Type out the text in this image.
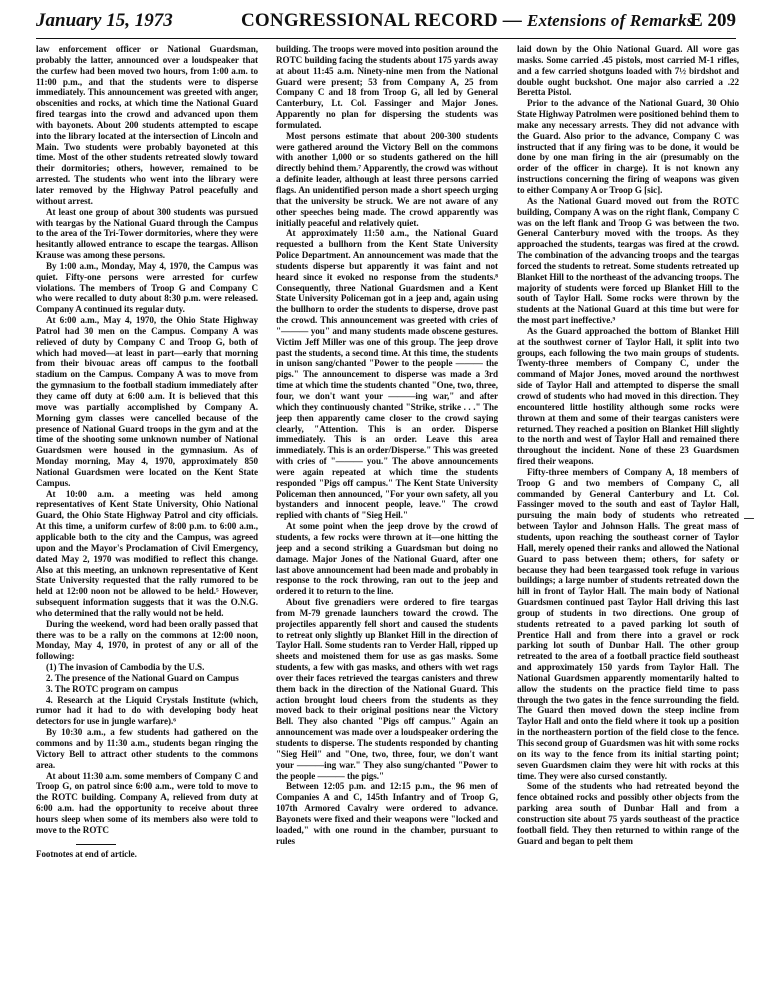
January 15, 1973	CONGRESSIONAL RECORD — Extensions of Remarks
E 209

law enforcement officer or National Guardsman, probably the latter, announced over a loudspeaker that the curfew had been moved two hours, from 1:00 a.m. to 11:00 p.m., and that the students were to disperse immediately. This announcement was greeted with anger, obscenities and rocks, at which time the National Guard fired teargas into the crowd and advanced upon them with bayonets. About 200 students attempted to escape into the library located at the intersection of Lincoln and Main. Two students were probably bayoneted at this time. Most of the other students retreated slowly toward their dormitories; others, however, remained to be arrested. The students who went into the library were later removed by the Highway Patrol peacefully and without arrest.

At least one group of about 300 students was pursued with teargas by the National Guard through the Campus to the area of the Tri-Tower dormitories, where they were hesitantly allowed entrance to escape the teargas. Allison Krause was among these persons.

By 1:00 a.m., Monday, May 4, 1970, the Campus was quiet. Fifty-one persons were arrested for curfew violations. The members of Troop G and Company C who were recalled to duty about 8:30 p.m. were released. Company A continued its regular duty.

At 6:00 a.m., May 4, 1970, the Ohio State Highway Patrol had 30 men on the Campus. Company A was relieved of duty by Company C and Troop G, both of which had moved—at least in part—early that morning from their bivouac areas off campus to the football stadium on the Campus. Company A was to move from the gymnasium to the football stadium immediately after they came off duty at 6:00 a.m. It is believed that this move was partially accomplished by Company A. Morning gym classes were cancelled because of the presence of National Guard troops in the gym and at the time of the shooting some unknown number of National Guardsmen were housed in the gymnasium. As of Monday morning, May 4, 1970, approximately 850 National Guardsmen were located on the Kent State Campus.

At 10:00 a.m. a meeting was held among representatives of Kent State University, Ohio National Guard, the Ohio State Highway Patrol and city officials. At this time, a uniform curfew of 8:00 p.m. to 6:00 a.m., applicable both to the city and the Campus, was agreed upon and the Mayor's Proclamation of Civil Emergency, dated May 2, 1970 was modified to reflect this change. Also at this meeting, an unknown representative of Kent State University requested that the rally rumored to be held at 12:00 noon not be allowed to be held.⁵ However, subsequent information suggests that it was the O.N.G. who determined that the rally would not be held.

During the weekend, word had been orally passed that there was to be a rally on the commons at 12:00 noon, Monday, May 4, 1970, in protest of any or all of the following:

(1) The invasion of Cambodia by the U.S.

2. The presence of the National Guard on Campus

3. The ROTC program on campus

4. Research at the Liquid Crystals Institute (which, rumor had it had to do with developing body heat detectors for use in jungle warfare).⁶

By 10:30 a.m., a few students had gathered on the commons and by 11:30 a.m., students began ringing the Victory Bell to attract other students to the commons area.

At about 11:30 a.m. some members of Company C and Troop G, on patrol since 6:00 a.m., were told to move to the ROTC building. Company A, relieved from duty at 6:00 a.m. had the opportunity to receive about three hours sleep when some of its members also were told to move to the ROTC

Footnotes at end of article.

building. The troops were moved into position around the ROTC building facing the students about 175 yards away at about 11:45 a.m. Ninety-nine men from the National Guard were present; 53 from Company A, 25 from Company C and 18 from Troop G, all led by General Canterbury, Lt. Col. Fassinger and Major Jones. Apparently no plan for dispersing the students was formulated.

Most persons estimate that about 200-300 students were gathered around the Victory Bell on the commons with another 1,000 or so students gathered on the hill directly behind them.⁷ Apparently, the crowd was without a definite leader, although at least three persons carried flags. An unidentified person made a short speech urging that the university be struck. We are not aware of any other speeches being made. The crowd apparently was initially peaceful and relatively quiet.

At approximately 11:50 a.m., the National Guard requested a bullhorn from the Kent State University Police Department. An announcement was made that the students disperse but apparently it was faint and not heard since it evoked no response from the students.⁸ Consequently, three National Guardsmen and a Kent State University Policeman got in a jeep and, again using the bullhorn to order the students to disperse, drove past the crowd. This announcement was greeted with cries of "——— you" and many students made obscene gestures. Victim Jeff Miller was one of this group. The jeep drove past the students, a second time. At this time, the students in unison sang/chanted "Power to the people ——— the pigs." The announcement to disperse was made a 3rd time at which time the students chanted "One, two, three, four, we don't want your ———ing war," and after which they continuously chanted "Strike, strike . . ." The jeep then apparently came closer to the crowd saying clearly, "Attention. This is an order. Disperse immediately. This is an order. Leave this area immediately. This is an order/Disperse." This was greeted with cries of "——— you." The above announcements were again repeated at which time the students responded "Pigs off campus." The Kent State University Policeman then announced, "For your own safety, all you bystanders and innocent people, leave." The crowd replied with chants of "Sieg Heil."

At some point when the jeep drove by the crowd of students, a few rocks were thrown at it—one hitting the jeep and a second striking a Guardsman but doing no damage. Major Jones of the National Guard, after one last above announcement had been made and probably in response to the rock throwing, ran out to the jeep and ordered it to return to the line.

About five grenadiers were ordered to fire teargas from M-79 grenade launchers toward the crowd. The projectiles apparently fell short and caused the students to retreat only slightly up Blanket Hill in the direction of Taylor Hall. Some students ran to Verder Hall, ripped up sheets and moistened them for use as gas masks. Some students, a few with gas masks, and others with wet rags over their faces retrieved the teargas canisters and threw them back in the direction of the National Guard. This action brought loud cheers from the students as they moved back to their original positions near the Victory Bell. They also chanted "Pigs off campus." Again an announcement was made over a loudspeaker ordering the students to disperse. The students responded by chanting "Sieg Heil" and "One, two, three, four, we don't want your ———ing war." They also sung/chanted "Power to the people ——— the pigs."

Between 12:05 p.m. and 12:15 p.m., the 96 men of Companies A and C, 145th Infantry and of Troop G, 107th Armored Cavalry were ordered to advance. Bayonets were fixed and their weapons were "locked and loaded," with one round in the chamber, pursuant to rules

laid down by the Ohio National Guard. All wore gas masks. Some carried .45 pistols, most carried M-1 rifles, and a few carried shotguns loaded with 7½ birdshot and double ought buckshot. One major also carried a .22 Beretta Pistol.

Prior to the advance of the National Guard, 30 Ohio State Highway Patrolmen were positioned behind them to make any necessary arrests. They did not advance with the Guard. Also prior to the advance, Company C was instructed that if any firing was to be done, it would be done by one man firing in the air (presumably on the order of the officer in charge). It is not known any instructions concerning the firing of weapons was given to either Company A or Troop G [sic].

As the National Guard moved out from the ROTC building, Company A was on the right flank, Company C was on the left flank and Troop G was between the two. General Canterbury moved with the troops. As they approached the students, teargas was fired at the crowd. The combination of the advancing troops and the teargas forced the students to retreat. Some students retreated up Blanket Hill to the northeast of the advancing troops. The majority of students were forced up Blanket Hill to the south of Taylor Hall. Some rocks were thrown by the students at the National Guard at this time but were for the most part ineffective.⁹

As the Guard approached the bottom of Blanket Hill at the southwest corner of Taylor Hall, it split into two groups, each following the two main groups of students. Twenty-three members of Company C, under the command of Major Jones, moved around the northwest side of Taylor Hall and attempted to disperse the small crowd of students who had moved in this direction. They encountered little hostility although some rocks were thrown at them and some of their teargas canisters were returned. They reached a position on Blanket Hill slightly to the north and west of Taylor Hall and remained there throughout the incident. None of these 23 Guardsmen fired their weapons.

Fifty-three members of Company A, 18 members of Troop G and two members of Company C, all commanded by General Canterbury and Lt. Col. Fassinger moved to the south and east of Taylor Hall, pursuing the main body of students who retreated between Taylor and Johnson Halls. The great mass of students, upon reaching the southeast corner of Taylor Hall, merely opened their ranks and allowed the National Guard to pass between them; others, for safety or because they had been teargassed took refuge in various buildings; a large number of students retreated down the hill in front of Taylor Hall. The main body of National Guardsmen continued past Taylor Hall driving this last group of students in two directions. One group of students retreated to a paved parking lot south of Prentice Hall and from there into a gravel or rock parking lot south of Dunbar Hall. The other group retreated to the area of a football practice field southeast and approximately 150 yards from Taylor Hall. The National Guardsmen apparently momentarily halted to allow the students on the practice field time to pass through the two gates in the fence surrounding the field. The Guard then moved down the steep incline from Taylor Hall and onto the field where it took up a position in the northeastern portion of the field close to the fence. This second group of Guardsmen was hit with some rocks on its way to the fence from its initial starting point; seven Guardsmen claim they were hit with rocks at this time. They were also cursed constantly.

Some of the students who had retreated beyond the fence obtained rocks and possibly other objects from the parking area south of Dunbar Hall and from a construction site about 75 yards southeast of the practice football field. They then returned to within range of the Guard and began to pelt them
